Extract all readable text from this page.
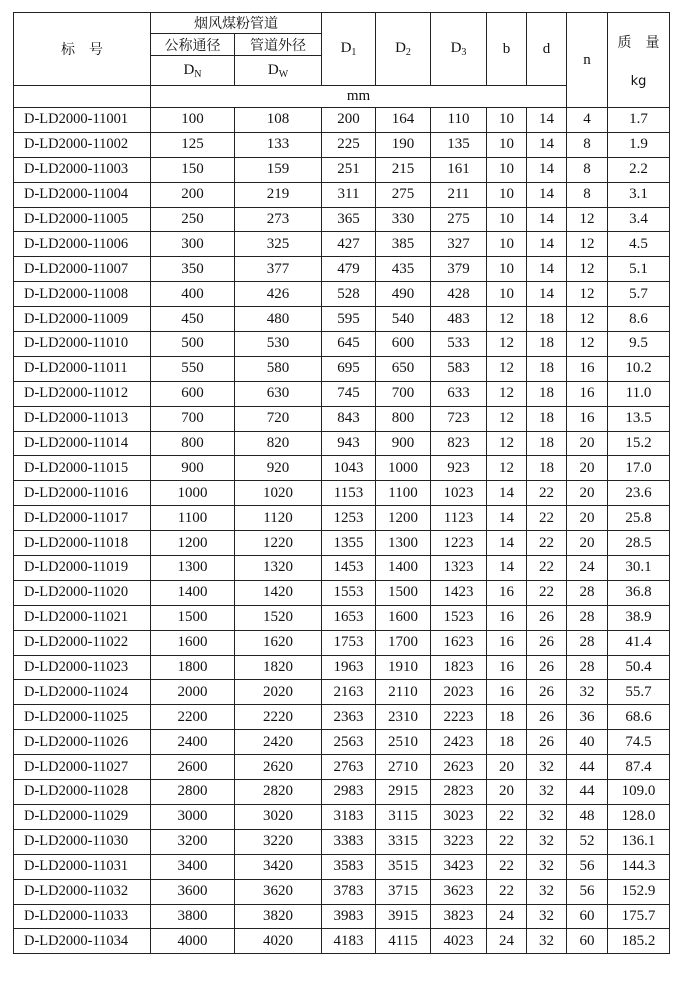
标　号	烟风煤粉管道		$D_1$	$D_2$	$D_3$	b	d	n	质　量
kg

	公称通径	管道外径							
	$D_N$	$D_W$
	mm								
D-LD2000-11001	100	108	200	164	110	10	14	4	1.7
D-LD2000-11002	125	133	225	190	135	10	14	8	1.9
D-LD2000-11003	150	159	251	215	161	10	14	8	2.2
D-LD2000-11004	200	219	311	275	211	10	14	8	3.1
D-LD2000-11005	250	273	365	330	275	10	14	12	3.4
D-LD2000-11006	300	325	427	385	327	10	14	12	4.5
D-LD2000-11007	350	377	479	435	379	10	14	12	5.1
D-LD2000-11008	400	426	528	490	428	10	14	12	5.7
D-LD2000-11009	450	480	595	540	483	12	18	12	8.6
D-LD2000-11010	500	530	645	600	533	12	18	12	9.5
D-LD2000-11011	550	580	695	650	583	12	18	16	10.2
D-LD2000-11012	600	630	745	700	633	12	18	16	11.0
D-LD2000-11013	700	720	843	800	723	12	18	16	13.5
D-LD2000-11014	800	820	943	900	823	12	18	20	15.2
D-LD2000-11015	900	920	1043	1000	923	12	18	20	17.0
D-LD2000-11016	1000	1020	1153	1100	1023	14	22	20	23.6
D-LD2000-11017	1100	1120	1253	1200	1123	14	22	20	25.8
D-LD2000-11018	1200	1220	1355	1300	1223	14	22	20	28.5
D-LD2000-11019	1300	1320	1453	1400	1323	14	22	24	30.1
D-LD2000-11020	1400	1420	1553	1500	1423	16	22	28	36.8
D-LD2000-11021	1500	1520	1653	1600	1523	16	26	28	38.9
D-LD2000-11022	1600	1620	1753	1700	1623	16	26	28	41.4
D-LD2000-11023	1800	1820	1963	1910	1823	16	26	28	50.4
D-LD2000-11024	2000	2020	2163	2110	2023	16	26	32	55.7
D-LD2000-11025	2200	2220	2363	2310	2223	18	26	36	68.6
D-LD2000-11026	2400	2420	2563	2510	2423	18	26	40	74.5
D-LD2000-11027	2600	2620	2763	2710	2623	20	32	44	87.4
D-LD2000-11028	2800	2820	2983	2915	2823	20	32	44	109.0
D-LD2000-11029	3000	3020	3183	3115	3023	22	32	48	128.0
D-LD2000-11030	3200	3220	3383	3315	3223	22	32	52	136.1
D-LD2000-11031	3400	3420	3583	3515	3423	22	32	56	144.3
D-LD2000-11032	3600	3620	3783	3715	3623	22	32	56	152.9
D-LD2000-11033	3800	3820	3983	3915	3823	24	32	60	175.7
D-LD2000-11034	4000	4020	4183	4115	4023	24	32	60	185.2
